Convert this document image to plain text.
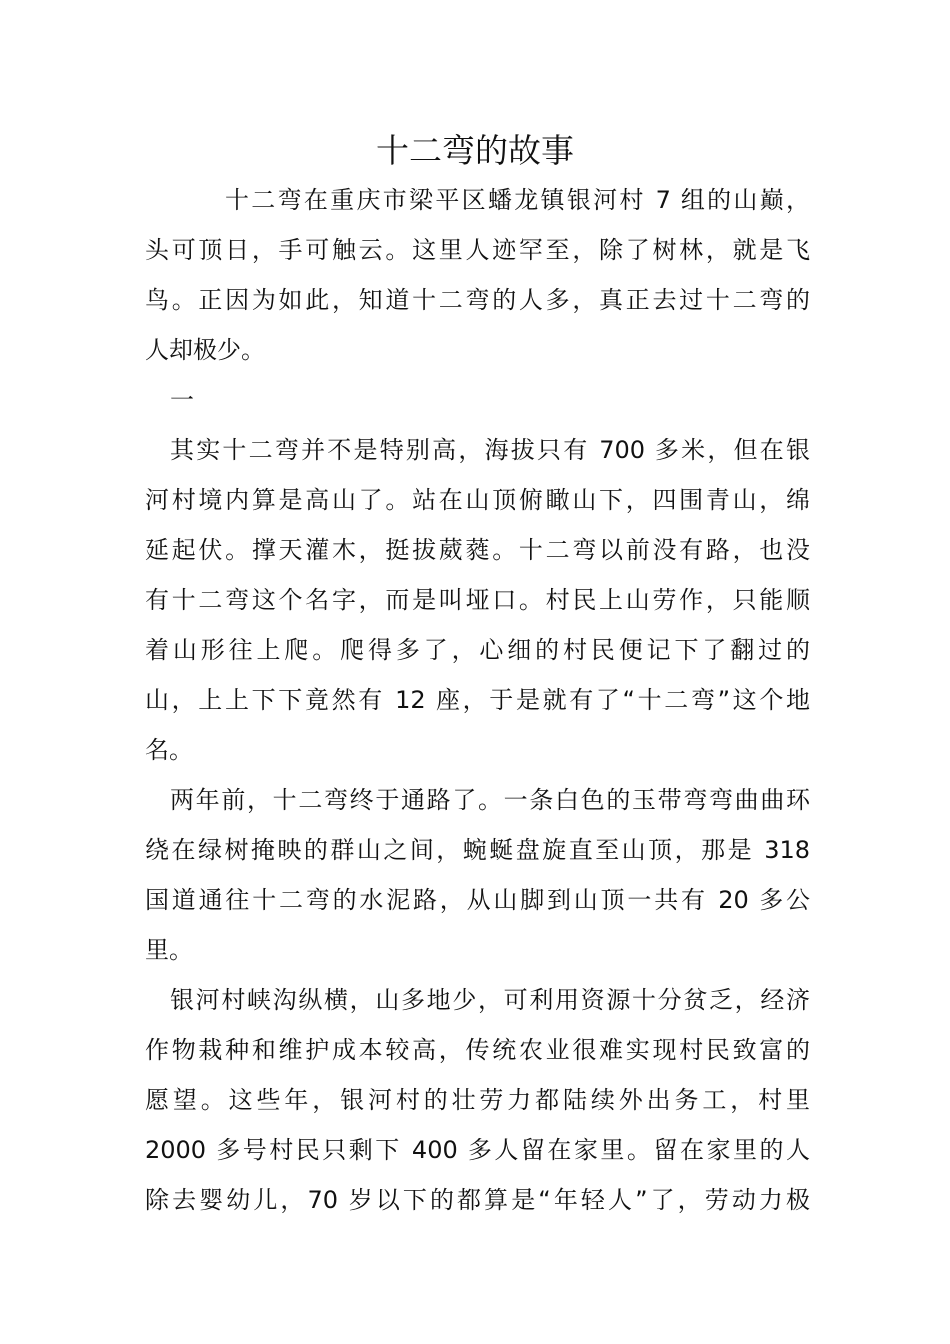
十二弯的故事
十二弯在重庆市梁平区蟠龙镇银河村 7 组的山巅，
头可顶日，手可触云。这里人迹罕至，除了树林，就是飞
鸟。正因为如此，知道十二弯的人多，真正去过十二弯的
人却极少。
一
其实十二弯并不是特别高，海拔只有 700 多米，但在银
河村境内算是高山了。站在山顶俯瞰山下，四围青山，绵
延起伏。撑天灌木，挺拔葳蕤。十二弯以前没有路，也没
有十二弯这个名字，而是叫垭口。村民上山劳作，只能顺
着山形往上爬。爬得多了，心细的村民便记下了翻过的
山，上上下下竟然有 12 座，于是就有了“十二弯”这个地
名。
两年前，十二弯终于通路了。一条白色的玉带弯弯曲曲环
绕在绿树掩映的群山之间，蜿蜒盘旋直至山顶，那是 318
国道通往十二弯的水泥路，从山脚到山顶一共有 20 多公
里。
银河村峡沟纵横，山多地少，可利用资源十分贫乏，经济
作物栽种和维护成本较高，传统农业很难实现村民致富的
愿望。这些年，银河村的壮劳力都陆续外出务工，村里
2000 多号村民只剩下 400 多人留在家里。留在家里的人
除去婴幼儿，70 岁以下的都算是“年轻人”了，劳动力极
